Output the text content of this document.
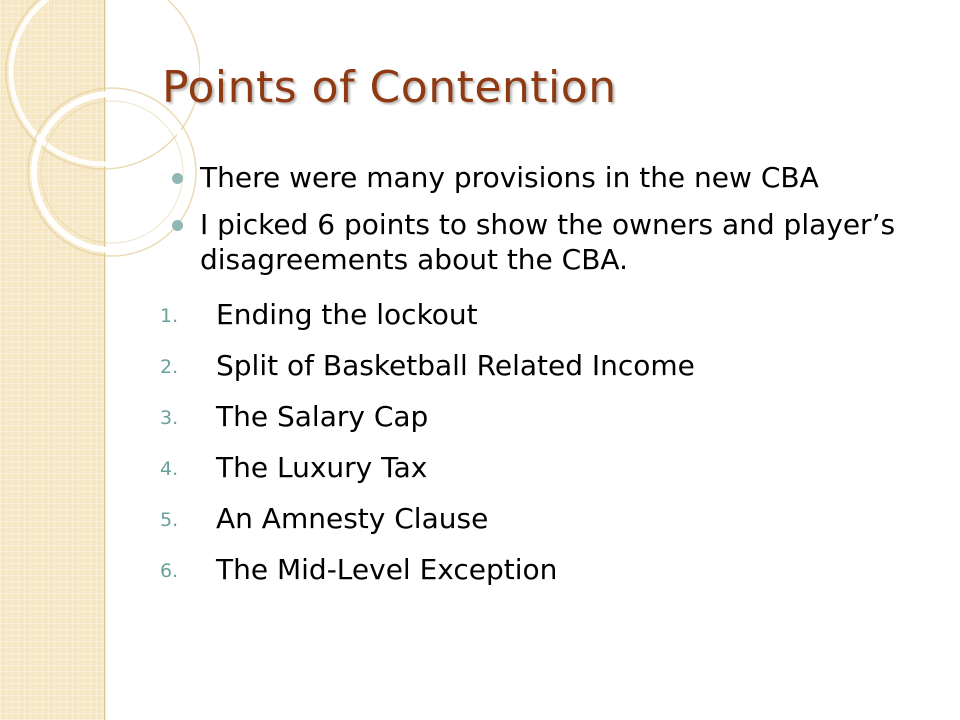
Points of Contention
There were many provisions in the new CBA
I picked 6 points to show the owners and player’s disagreements about the CBA.
1. Ending the lockout
2. Split of Basketball Related Income
3. The Salary Cap
4. The Luxury Tax
5. An Amnesty Clause
6. The Mid-Level Exception
